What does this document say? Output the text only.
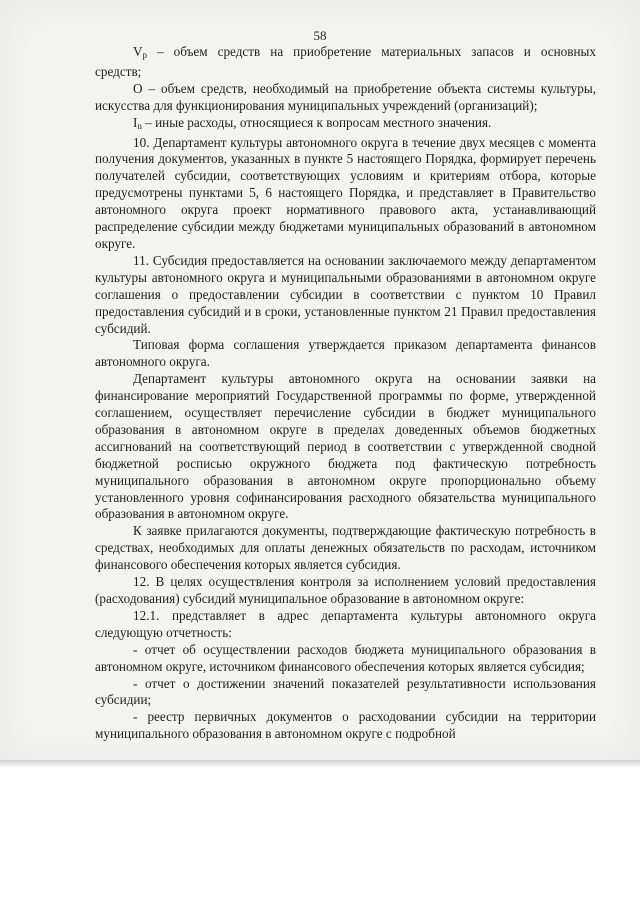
58

$V_p$ – объем средств на приобретение материальных запасов и основных
средств;

О – объем средств, необходимый на приобретение объекта системы культуры, искусства для функционирования муниципальных учреждений (организаций);

$I_n$ – иные расходы, относящиеся к вопросам местного значения.

10. Департамент культуры автономного округа в течение двух месяцев с момента получения документов, указанных в пункте 5 настоящего Порядка, формирует перечень получателей субсидии, соответствующих условиям и критериям отбора, которые предусмотрены пунктами 5, 6 настоящего Порядка, и представляет в Правительство автономного округа проект нормативного правового акта, устанавливающий распределение субсидии между бюджетами муниципальных образований в автономном округе.

11. Субсидия предоставляется на основании заключаемого между департаментом культуры автономного округа и муниципальными образованиями в автономном округе соглашения о предоставлении субсидии в соответствии с пунктом 10 Правил предоставления субсидий и в сроки, установленные пунктом 21 Правил предоставления субсидий.

Типовая форма соглашения утверждается приказом департамента финансов автономного округа.

Департамент культуры автономного округа на основании заявки на финансирование мероприятий Государственной программы по форме, утвержденной соглашением, осуществляет перечисление субсидии в бюджет муниципального образования в автономном округе в пределах доведенных объемов бюджетных ассигнований на соответствующий период в соответствии с утвержденной сводной бюджетной росписью окружного бюджета под фактическую потребность муниципального образования в автономном округе пропорционально объему установленного уровня софинансирования расходного обязательства муниципального образования в автономном округе.

К заявке прилагаются документы, подтверждающие фактическую потребность в средствах, необходимых для оплаты денежных обязательств по расходам, источником финансового обеспечения которых является субсидия.

12. В целях осуществления контроля за исполнением условий предоставления (расходования) субсидий муниципальное образование в автономном округе:

12.1. представляет в адрес департамента культуры автономного округа следующую отчетность:

- отчет об осуществлении расходов бюджета муниципального образования в автономном округе, источником финансового обеспечения которых является субсидия;

- отчет о достижении значений показателей результативности использования субсидии;

- реестр первичных документов о расходовании субсидии на территории муниципального образования в автономном округе с подробной
